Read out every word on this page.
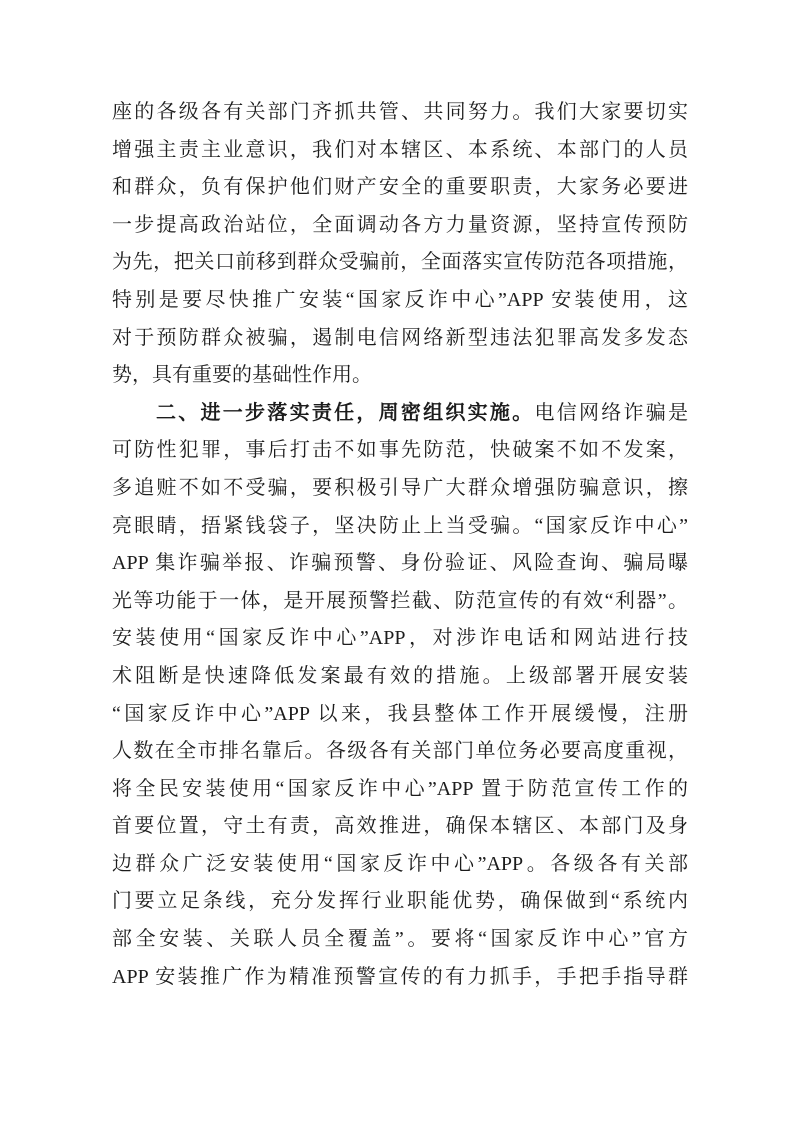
座的各级各有关部门齐抓共管、共同努力。我们大家要切实
增强主责主业意识，我们对本辖区、本系统、本部门的人员
和群众，负有保护他们财产安全的重要职责，大家务必要进
一步提高政治站位，全面调动各方力量资源，坚持宣传预防
为先，把关口前移到群众受骗前，全面落实宣传防范各项措施，
特别是要尽快推广安装“国家反诈中心”APP 安装使用，这
对于预防群众被骗，遏制电信网络新型违法犯罪高发多发态
势，具有重要的基础性作用。
二、进一步落实责任，周密组织实施。电信网络诈骗是
可防性犯罪，事后打击不如事先防范，快破案不如不发案，
多追赃不如不受骗，要积极引导广大群众增强防骗意识，擦
亮眼睛，捂紧钱袋子，坚决防止上当受骗。“国家反诈中心”
APP 集诈骗举报、诈骗预警、身份验证、风险查询、骗局曝
光等功能于一体，是开展预警拦截、防范宣传的有效“利器”。
安装使用“国家反诈中心”APP，对涉诈电话和网站进行技
术阻断是快速降低发案最有效的措施。上级部署开展安装
“国家反诈中心”APP 以来，我县整体工作开展缓慢，注册
人数在全市排名靠后。各级各有关部门单位务必要高度重视，
将全民安装使用“国家反诈中心”APP 置于防范宣传工作的
首要位置，守土有责，高效推进，确保本辖区、本部门及身
边群众广泛安装使用“国家反诈中心”APP。各级各有关部
门要立足条线，充分发挥行业职能优势，确保做到“系统内
部全安装、关联人员全覆盖”。要将“国家反诈中心”官方
APP 安装推广作为精准预警宣传的有力抓手，手把手指导群
